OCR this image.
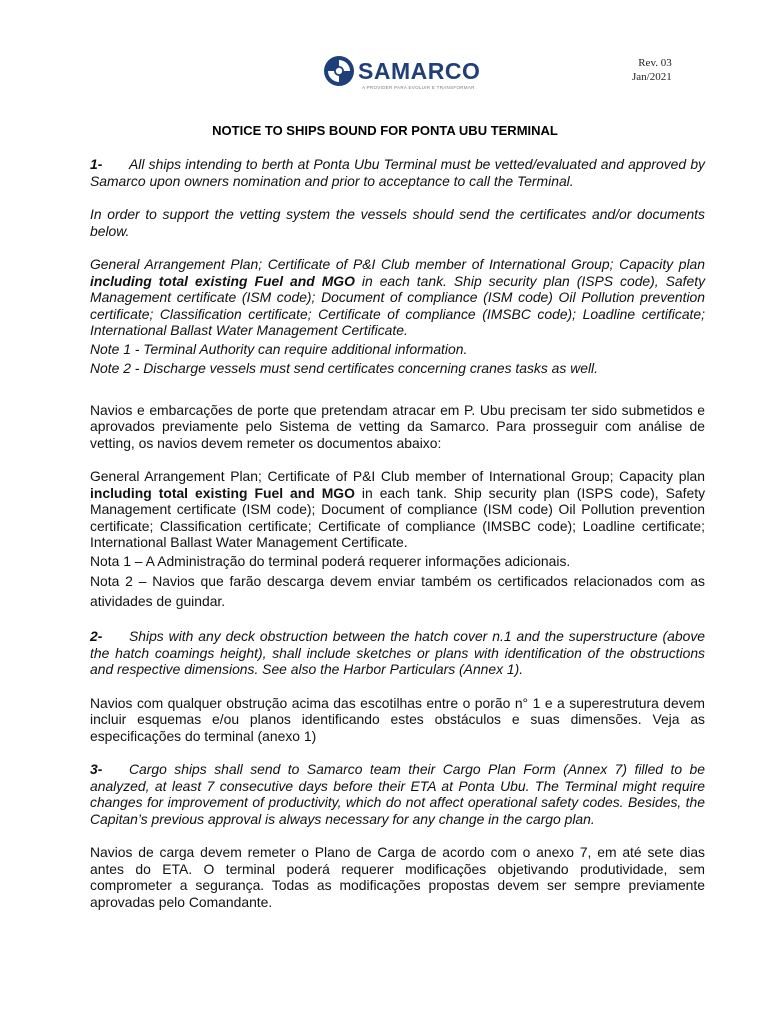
SAMARCO
A PROVIDER PARA EVOLUIR E TRANSFORMAR
Rev. 03
Jan/2021
NOTICE TO SHIPS BOUND FOR PONTA UBU TERMINAL

1- All ships intending to berth at Ponta Ubu Terminal must be vetted/evaluated and approved by Samarco upon owners nomination and prior to acceptance to call the Terminal.

In order to support the vetting system the vessels should send the certificates and/or documents below.

General Arrangement Plan; Certificate of P&I Club member of International Group; Capacity plan including total existing Fuel and MGO in each tank. Ship security plan (ISPS code), Safety Management certificate (ISM code); Document of compliance (ISM code) Oil Pollution prevention certificate; Classification certificate; Certificate of compliance (IMSBC code); Loadline certificate; International Ballast Water Management Certificate.

Note 1 - Terminal Authority can require additional information.

Note 2 - Discharge vessels must send certificates concerning cranes tasks as well.

Navios e embarcações de porte que pretendam atracar em P. Ubu precisam ter sido submetidos e aprovados previamente pelo Sistema de vetting da Samarco. Para prosseguir com análise de vetting, os navios devem remeter os documentos abaixo:

General Arrangement Plan; Certificate of P&I Club member of International Group; Capacity plan including total existing Fuel and MGO in each tank. Ship security plan (ISPS code), Safety Management certificate (ISM code); Document of compliance (ISM code) Oil Pollution prevention certificate; Classification certificate; Certificate of compliance (IMSBC code); Loadline certificate; International Ballast Water Management Certificate.

Nota 1 – A Administração do terminal poderá requerer informações adicionais.

Nota 2 – Navios que farão descarga devem enviar também os certificados relacionados com as atividades de guindar.

2- Ships with any deck obstruction between the hatch cover n.1 and the superstructure (above the hatch coamings height), shall include sketches or plans with identification of the obstructions and respective dimensions. See also the Harbor Particulars (Annex 1).

Navios com qualquer obstrução acima das escotilhas entre o porão n° 1 e a superestrutura devem incluir esquemas e/ou planos identificando estes obstáculos e suas dimensões. Veja as especificações do terminal (anexo 1)

3- Cargo ships shall send to Samarco team their Cargo Plan Form (Annex 7) filled to be analyzed, at least 7 consecutive days before their ETA at Ponta Ubu. The Terminal might require changes for improvement of productivity, which do not affect operational safety codes. Besides, the Capitan’s previous approval is always necessary for any change in the cargo plan.

Navios de carga devem remeter o Plano de Carga de acordo com o anexo 7, em até sete dias antes do ETA. O terminal poderá requerer modificações objetivando produtividade, sem comprometer a segurança. Todas as modificações propostas devem ser sempre previamente aprovadas pelo Comandante.
